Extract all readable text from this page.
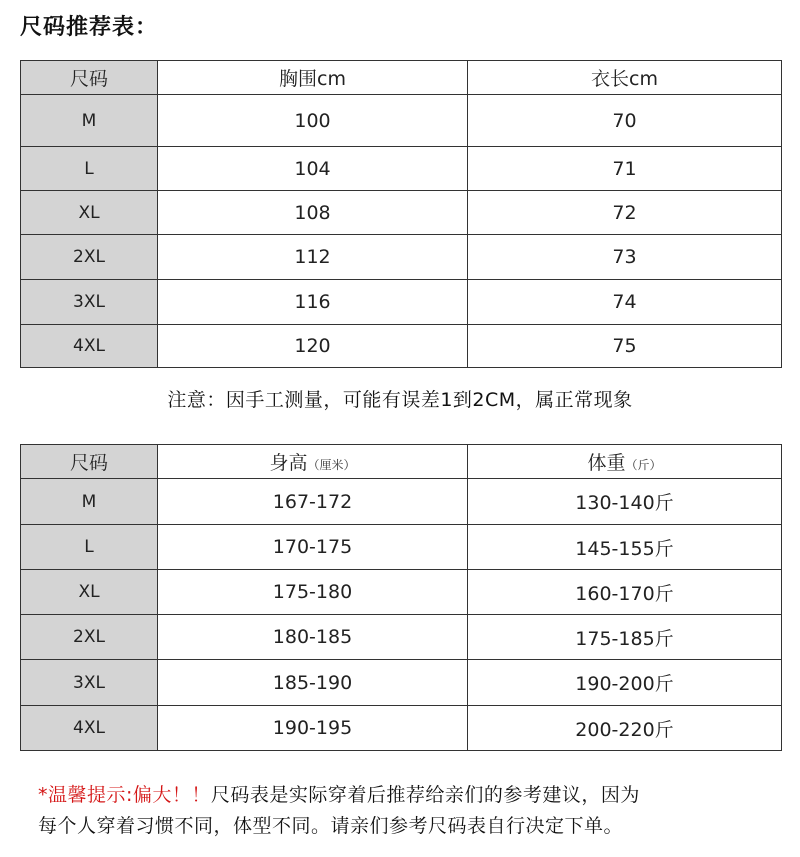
尺码推荐表：
尺码	胸围cm	衣长cm
M	100	70
L	104	71
XL	108	72
2XL	112	73
3XL	116	74
4XL	120	75
注意：因手工测量，可能有误差1到2CM，属正常现象
尺码	身高（厘米）	体重（斤）
M	167-172	130-140斤
L	170-175	145-155斤
XL	175-180	160-170斤
2XL	180-185	175-185斤
3XL	185-190	190-200斤
4XL	190-195	200-220斤
*温馨提示:偏大！！尺码表是实际穿着后推荐给亲们的参考建议，因为
每个人穿着习惯不同，体型不同。请亲们参考尺码表自行决定下单。
